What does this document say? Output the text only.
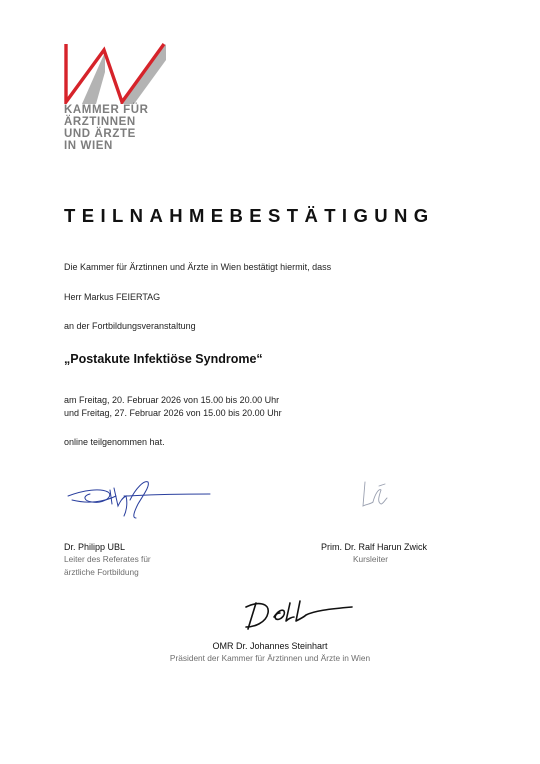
KAMMER FÜR
ÄRZTINNEN
UND ÄRZTE
IN WIEN
TEILNAHMEBESTÄTIGUNG
Die Kammer für Ärztinnen und Ärzte in Wien bestätigt hiermit, dass
Herr Markus FEIERTAG
an der Fortbildungsveranstaltung
„Postakute Infektiöse Syndrome“
am Freitag, 20. Februar 2026 von 15.00 bis 20.00 Uhr
und Freitag, 27. Februar 2026 von 15.00 bis 20.00 Uhr
online teilgenommen hat.
Dr. Philipp UBL
Leiter des Referates für
ärztliche Fortbildung
Prim. Dr. Ralf Harun Zwick
Kursleiter
OMR Dr. Johannes Steinhart
Präsident der Kammer für Ärztinnen und Ärzte in Wien
